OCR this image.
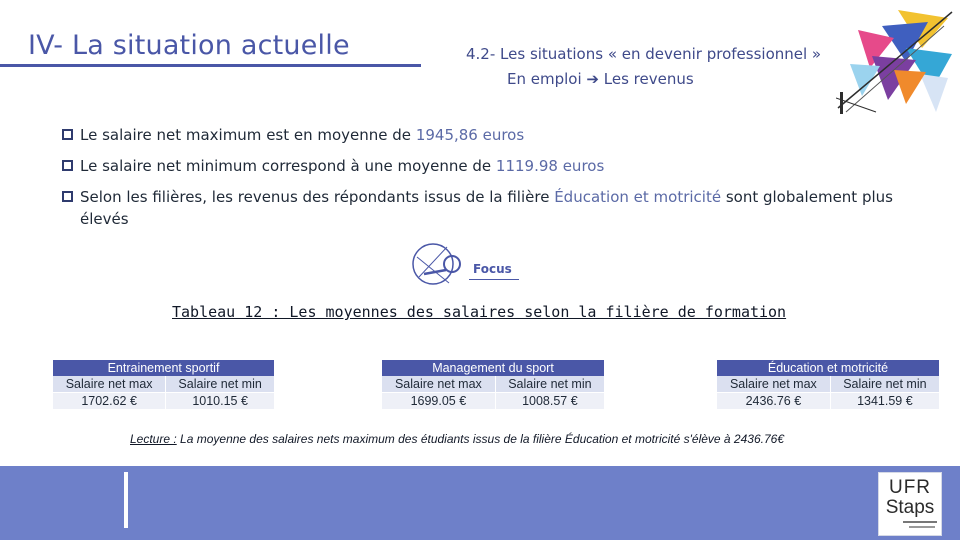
IV- La situation actuelle	4.2- Les situations « en devenir professionnel »
En emploi ➔ Les revenus
Le salaire net maximum est en moyenne de 1945,86 euros
Le salaire net minimum correspond à une moyenne de 1119.98 euros
Selon les filières, les revenus des répondants issus de la filière Éducation et motricité sont globalement plus élevés
Focus
Tableau 12 : Les moyennes des salaires selon la filière de formation
Entrainement sportif	
Salaire net max	Salaire net min
1702.62 €	1010.15 €
Management du sport	
Salaire net max	Salaire net min
1699.05 €	1008.57 €
Éducation et motricité	
Salaire net max	Salaire net min
2436.76 €	1341.59 €
Lecture : La moyenne des salaires nets maximum des étudiants issus de la filière Éducation et motricité s'élève à 2436.76€
UFR
Staps
